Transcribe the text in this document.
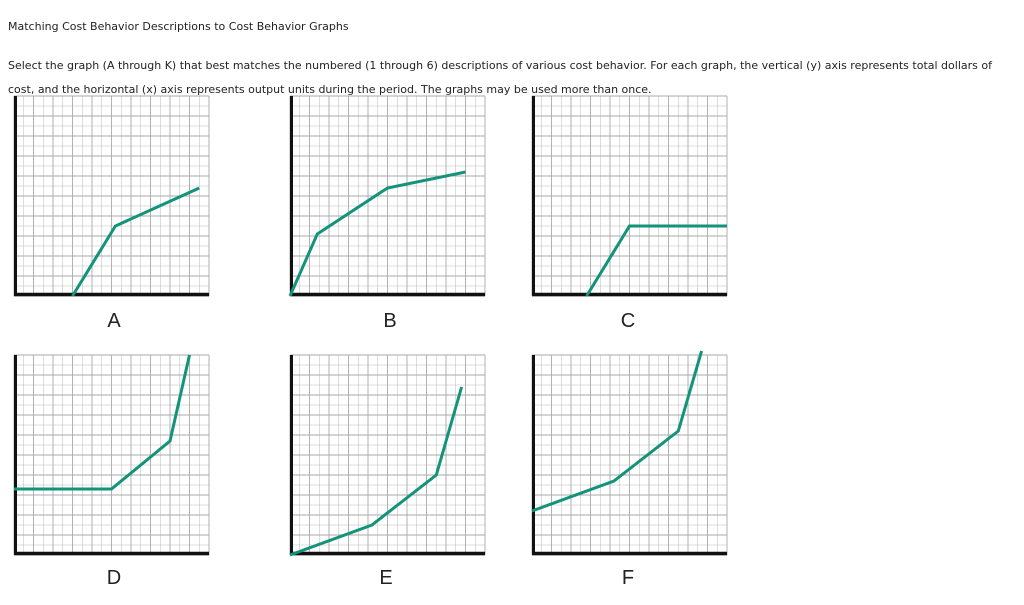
Matching Cost Behavior Descriptions to Cost Behavior Graphs
Select the graph (A through K) that best matches the numbered (1 through 6) descriptions of various cost behavior. For each graph, the vertical (y) axis represents total dollars of cost, and the horizontal (x) axis represents output units during the period. The graphs may be used more than once.
A	B	C
D	E	F
